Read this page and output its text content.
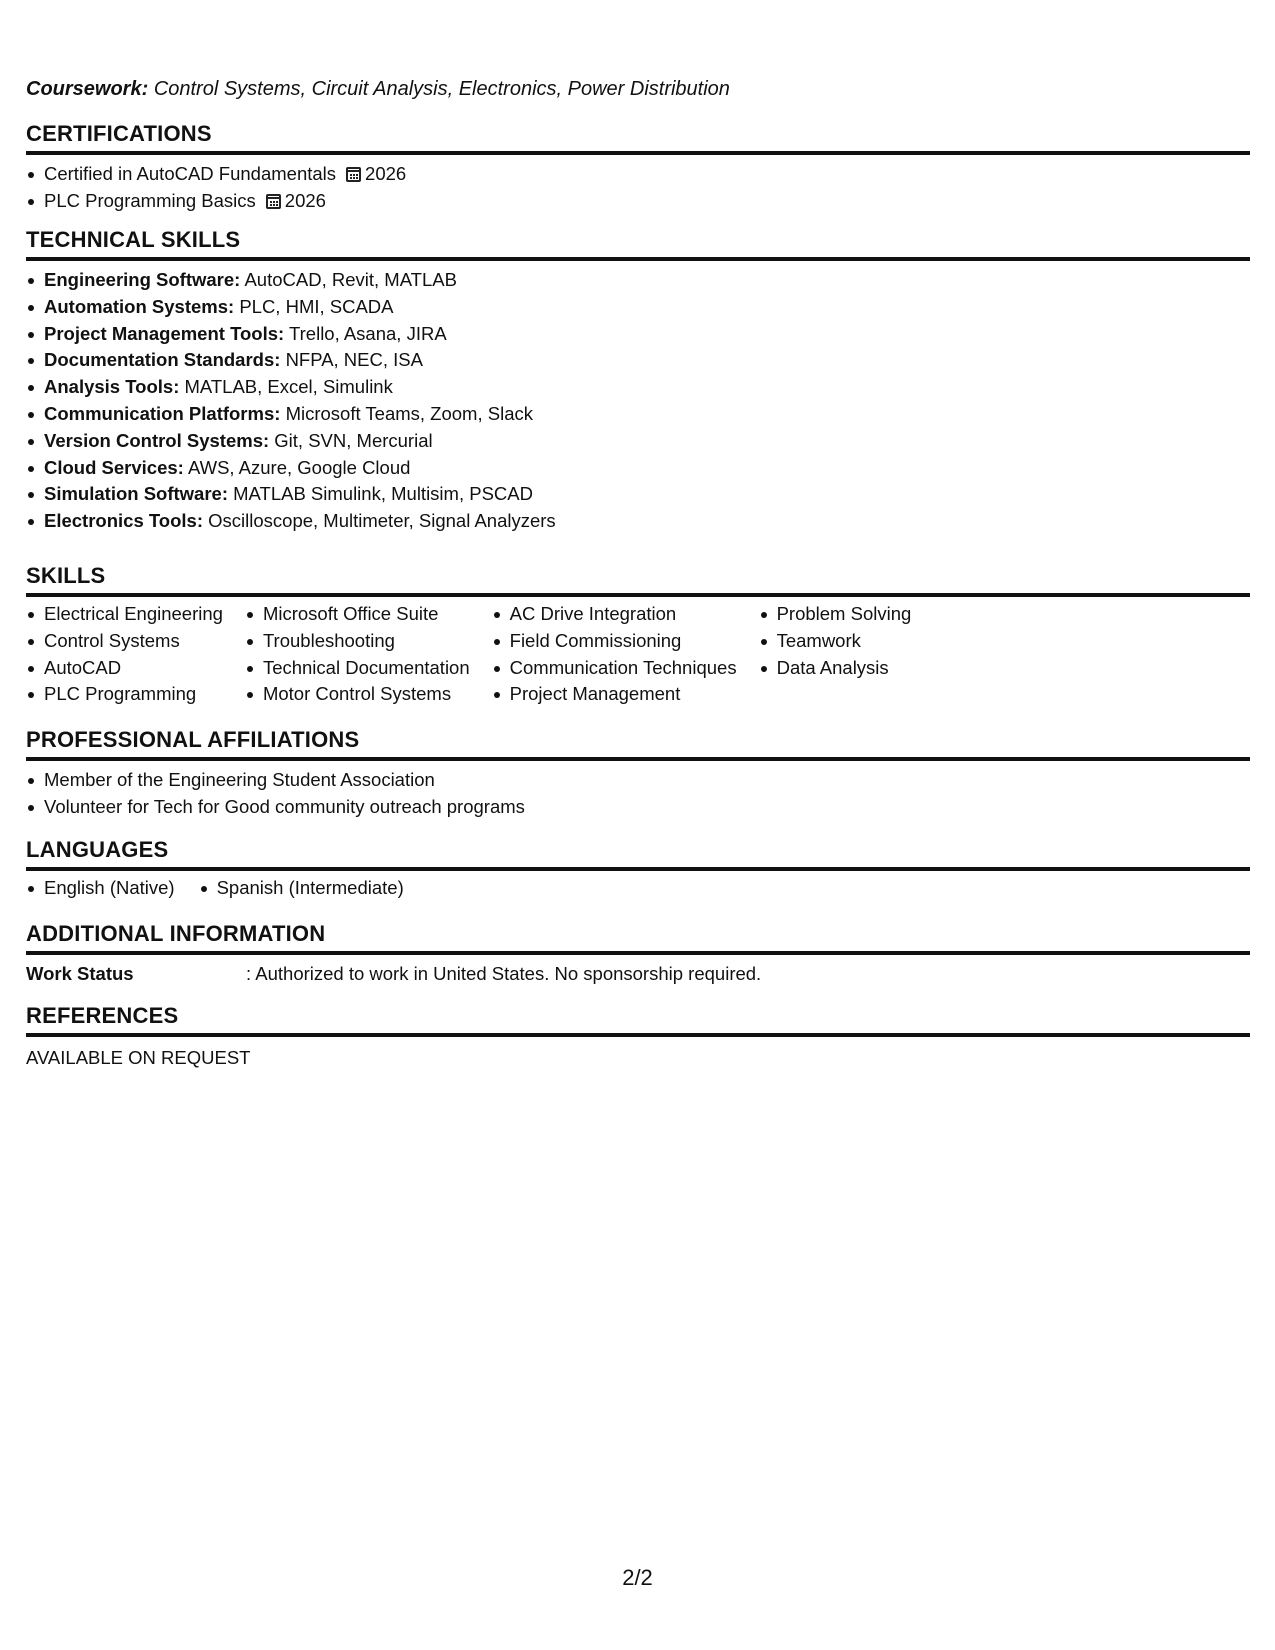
Coursework: Control Systems, Circuit Analysis, Electronics, Power Distribution
CERTIFICATIONS
Certified in AutoCAD Fundamentals 2026
PLC Programming Basics 2026
TECHNICAL SKILLS
Engineering Software: AutoCAD, Revit, MATLAB
Automation Systems: PLC, HMI, SCADA
Project Management Tools: Trello, Asana, JIRA
Documentation Standards: NFPA, NEC, ISA
Analysis Tools: MATLAB, Excel, Simulink
Communication Platforms: Microsoft Teams, Zoom, Slack
Version Control Systems: Git, SVN, Mercurial
Cloud Services: AWS, Azure, Google Cloud
Simulation Software: MATLAB Simulink, Multisim, PSCAD
Electronics Tools: Oscilloscope, Multimeter, Signal Analyzers
SKILLS
Electrical Engineering
Control Systems
AutoCAD
PLC Programming
Microsoft Office Suite
Troubleshooting
Technical Documentation
Motor Control Systems
AC Drive Integration
Field Commissioning
Communication Techniques
Project Management
Problem Solving
Teamwork
Data Analysis
PROFESSIONAL AFFILIATIONS
Member of the Engineering Student Association
Volunteer for Tech for Good community outreach programs
LANGUAGES
English (Native)	Spanish (Intermediate)
ADDITIONAL INFORMATION
Work Status	: Authorized to work in United States. No sponsorship required.
REFERENCES
AVAILABLE ON REQUEST
2/2
